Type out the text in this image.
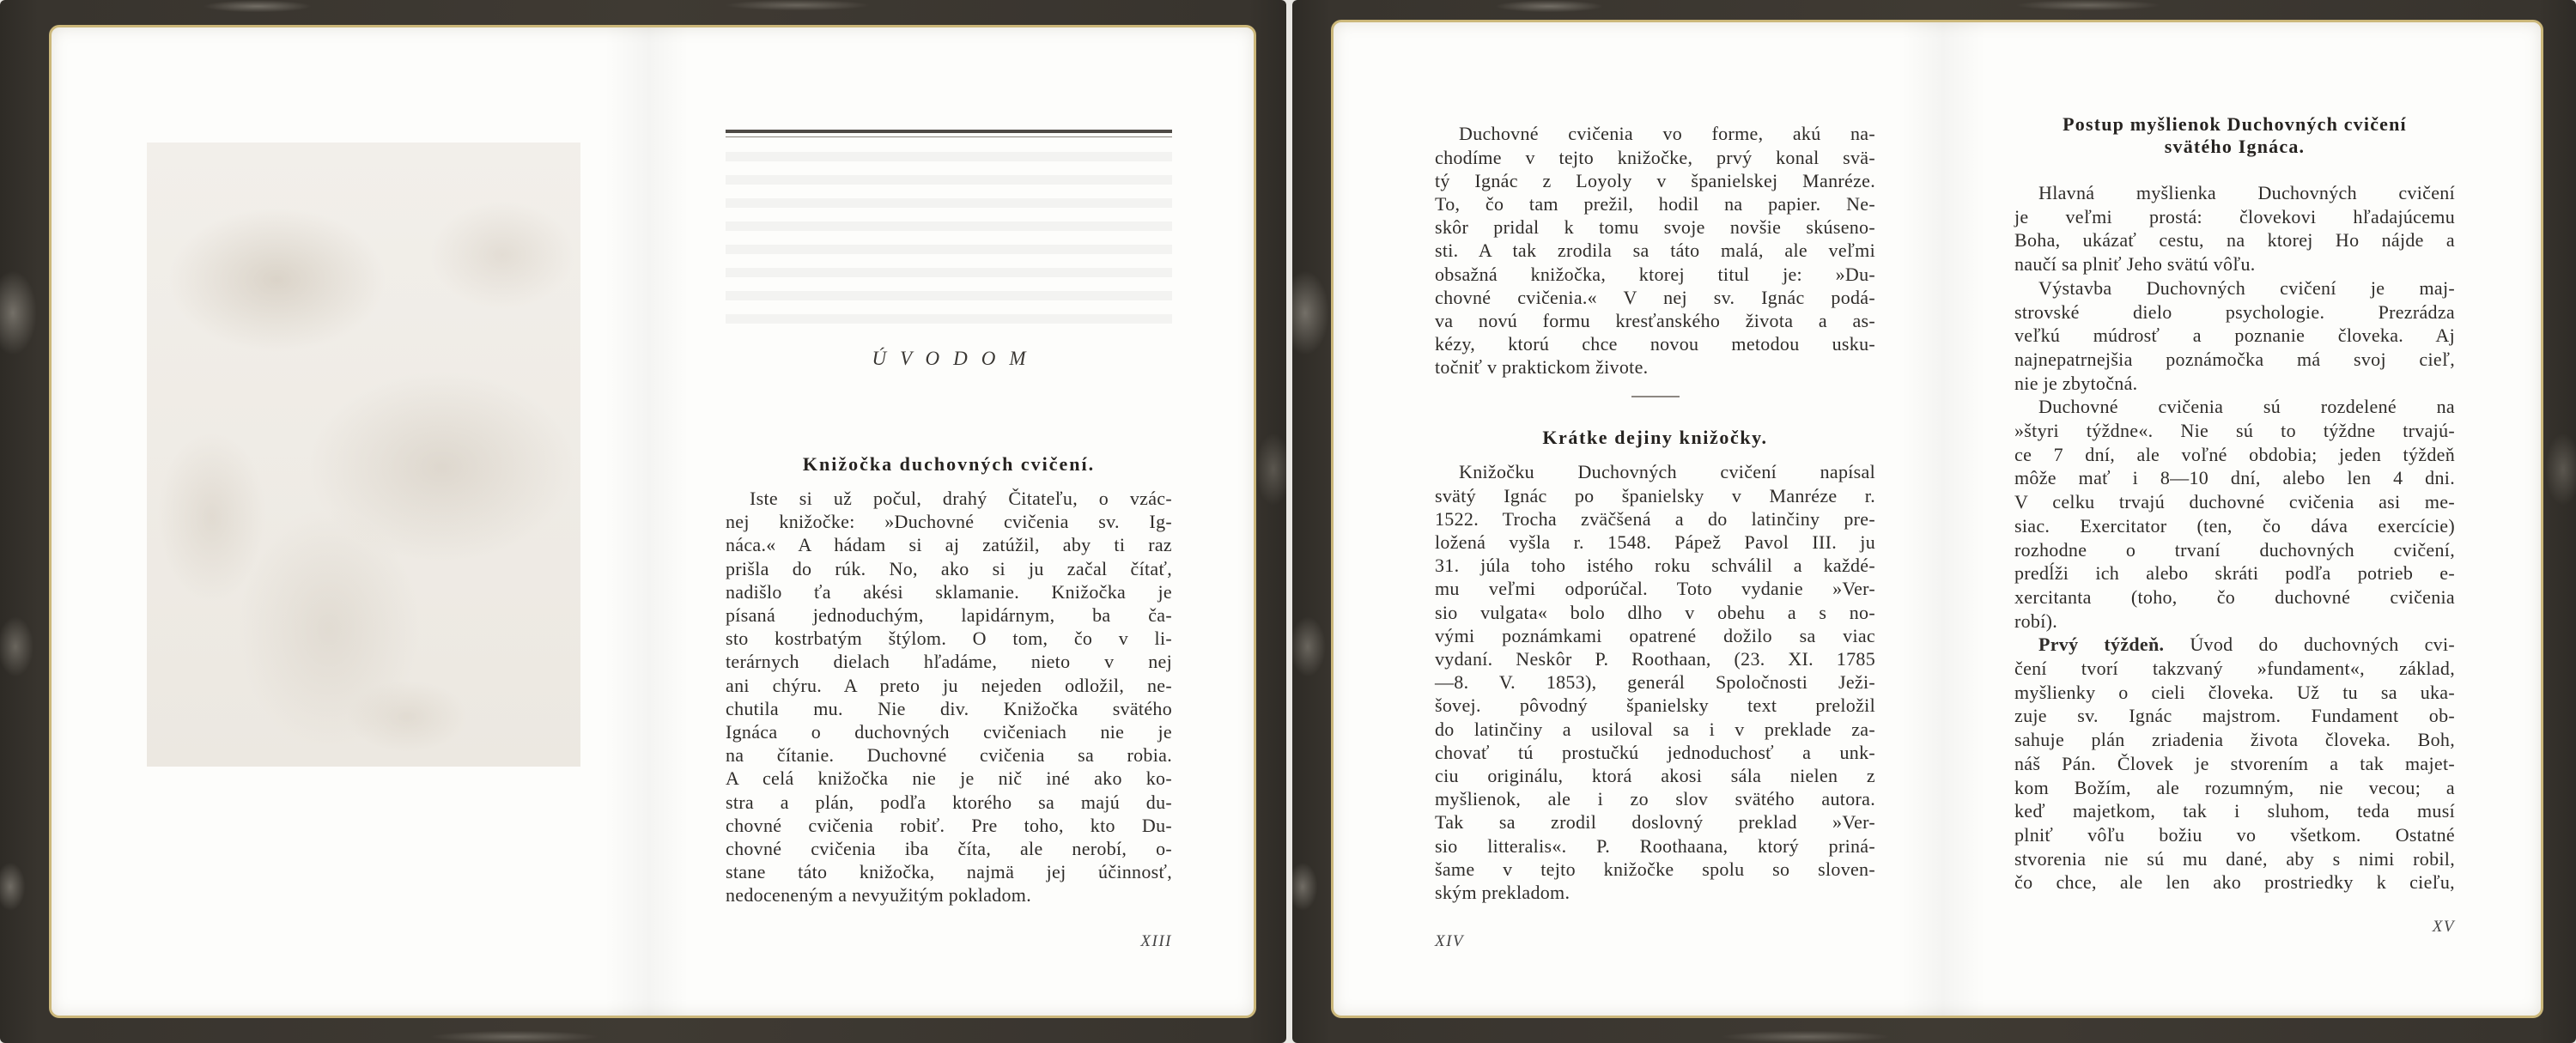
ÚVODOM
Knižočka duchovných cvičení.
Iste si už počul, drahý Čitateľu, o vzác-
nej knižočke: »Duchovné cvičenia sv. Ig-
náca.« A hádam si aj zatúžil, aby ti raz
prišla do rúk. No, ako si ju začal čítať,
nadišlo ťa akési sklamanie. Knižočka je
písaná jednoduchým, lapidárnym, ba ča-
sto kostrbatým štýlom. O tom, čo v li-
terárnych dielach hľadáme, nieto v nej
ani chýru. A preto ju nejeden odložil, ne-
chutila mu. Nie div. Knižočka svätého
Ignáca o duchovných cvičeniach nie je
na čítanie. Duchovné cvičenia sa robia.
A celá knižočka nie je nič iné ako ko-
stra a plán, podľa ktorého sa majú du-
chovné cvičenia robiť. Pre toho, kto Du-
chovné cvičenia iba číta, ale nerobí, o-
stane táto knižočka, najmä jej účinnosť,
nedoceneným a nevyužitým pokladom.
XIII
Duchovné cvičenia vo forme, akú na-
chodíme v tejto knižočke, prvý konal svä-
tý Ignác z Loyoly v španielskej Manréze.
To, čo tam prežil, hodil na papier. Ne-
skôr pridal k tomu svoje novšie skúseno-
sti. A tak zrodila sa táto malá, ale veľmi
obsažná knižočka, ktorej titul je: »Du-
chovné cvičenia.« V nej sv. Ignác podá-
va novú formu kresťanského života a as-
kézy, ktorú chce novou metodou usku-
točniť v praktickom živote.
Krátke dejiny knižočky.
Knižočku Duchovných cvičení napísal
svätý Ignác po španielsky v Manréze r.
1522. Trocha zväčšená a do latinčiny pre-
ložená vyšla r. 1548. Pápež Pavol III. ju
31. júla toho istého roku schválil a každé-
mu veľmi odporúčal. Toto vydanie »Ver-
sio vulgata« bolo dlho v obehu a s no-
vými poznámkami opatrené dožilo sa viac
vydaní. Neskôr P. Roothaan, (23. XI. 1785
—8. V. 1853), generál Spoločnosti Ježi-
šovej. pôvodný španielsky text preložil
do latinčiny a usiloval sa i v preklade za-
chovať tú prostučkú jednoduchosť a unk-
ciu originálu, ktorá akosi sála nielen z
myšlienok, ale i zo slov svätého autora.
Tak sa zrodil doslovný preklad »Ver-
sio litteralis«. P. Roothaana, ktorý priná-
šame v tejto knižočke spolu so sloven-
ským prekladom.
XIV
Postup myšlienok Duchovných cvičení
svätého Ignáca.
Hlavná myšlienka Duchovných cvičení
je veľmi prostá: človekovi hľadajúcemu
Boha, ukázať cestu, na ktorej Ho nájde a
naučí sa plniť Jeho svätú vôľu.
Výstavba Duchovných cvičení je maj-
strovské dielo psychologie. Prezrádza
veľkú múdrosť a poznanie človeka. Aj
najnepatrnejšia poznámočka má svoj cieľ,
nie je zbytočná.
Duchovné cvičenia sú rozdelené na
»štyri týždne«. Nie sú to týždne trvajú-
ce 7 dní, ale voľné obdobia; jeden týždeň
môže mať i 8—10 dní, alebo len 4 dni.
V celku trvajú duchovné cvičenia asi me-
siac. Exercitator (ten, čo dáva exercície)
rozhodne o trvaní duchovných cvičení,
predĺži ich alebo skráti podľa potrieb e-
xercitanta (toho, čo duchovné cvičenia
robí).
Prvý týždeň. Úvod do duchovných cvi-
čení tvorí takzvaný »fundament«, základ,
myšlienky o cieli človeka. Už tu sa uka-
zuje sv. Ignác majstrom. Fundament ob-
sahuje plán zriadenia života človeka. Boh,
náš Pán. Človek je stvorením a tak majet-
kom Božím, ale rozumným, nie vecou; a
keď majetkom, tak i sluhom, teda musí
plniť vôľu božiu vo všetkom. Ostatné
stvorenia nie sú mu dané, aby s nimi robil,
čo chce, ale len ako prostriedky k cieľu,
XV
